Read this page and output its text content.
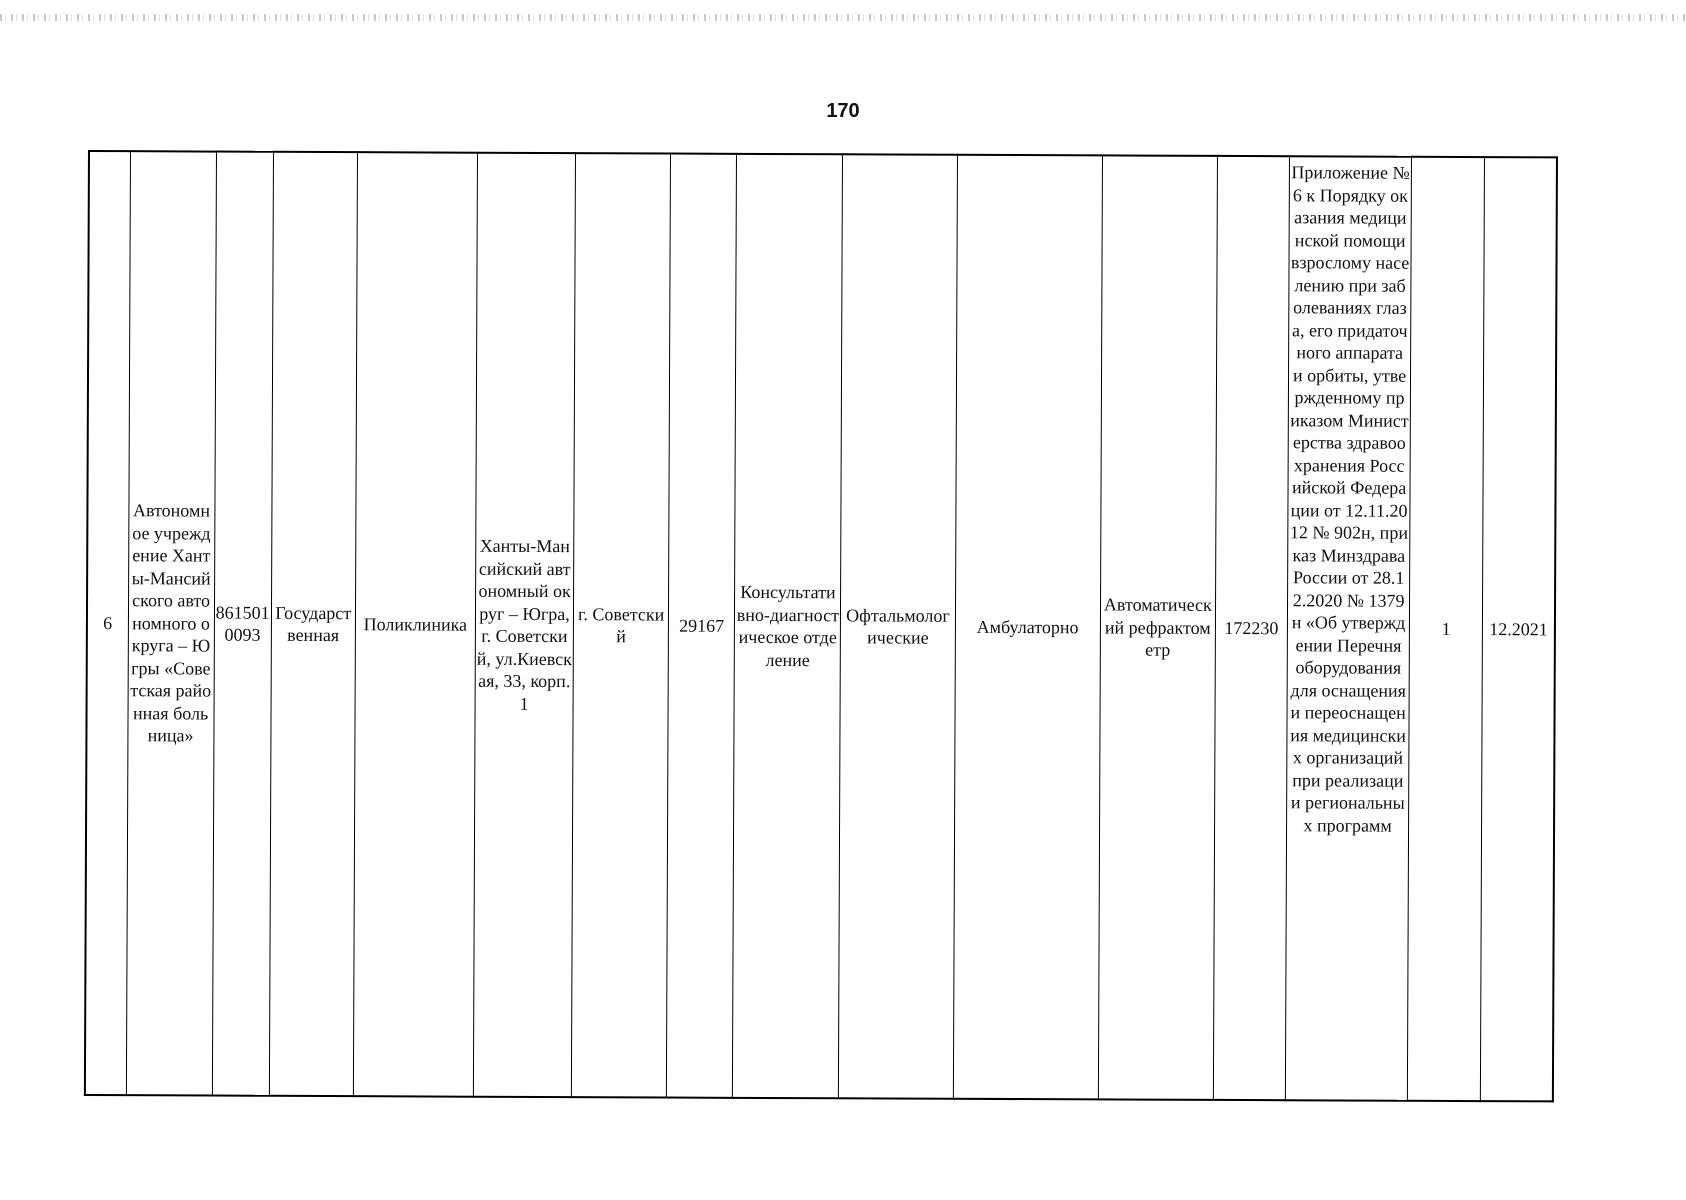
170
6	Автономное учреждение Ханты-Мансийского автономного округа – Югры «Советская районная больница»	8615010093	Государственная	Поликлиника	Ханты-Мансийский автономный округ – Югра, г. Советский, ул.Киевская, 33, корп. 1	г. Советский	29167	Консультативно-диагностическое отделение	Офтальмологические	Амбулаторно	Автоматический рефрактометр	172230	Приложение № 6 к Порядку оказания медицинской помощи взрослому населению при заболеваниях глаза, его придаточного аппарата и орбиты, утвержденному приказом Министерства здравоохранения Российской Федерации от 12.11.2012 № 902н, приказ Минздрава России от 28.12.2020 № 1379н «Об утверждении Перечня оборудования для оснащения и переоснащения медицинских организаций при реализации региональных программ	1	12.2021
